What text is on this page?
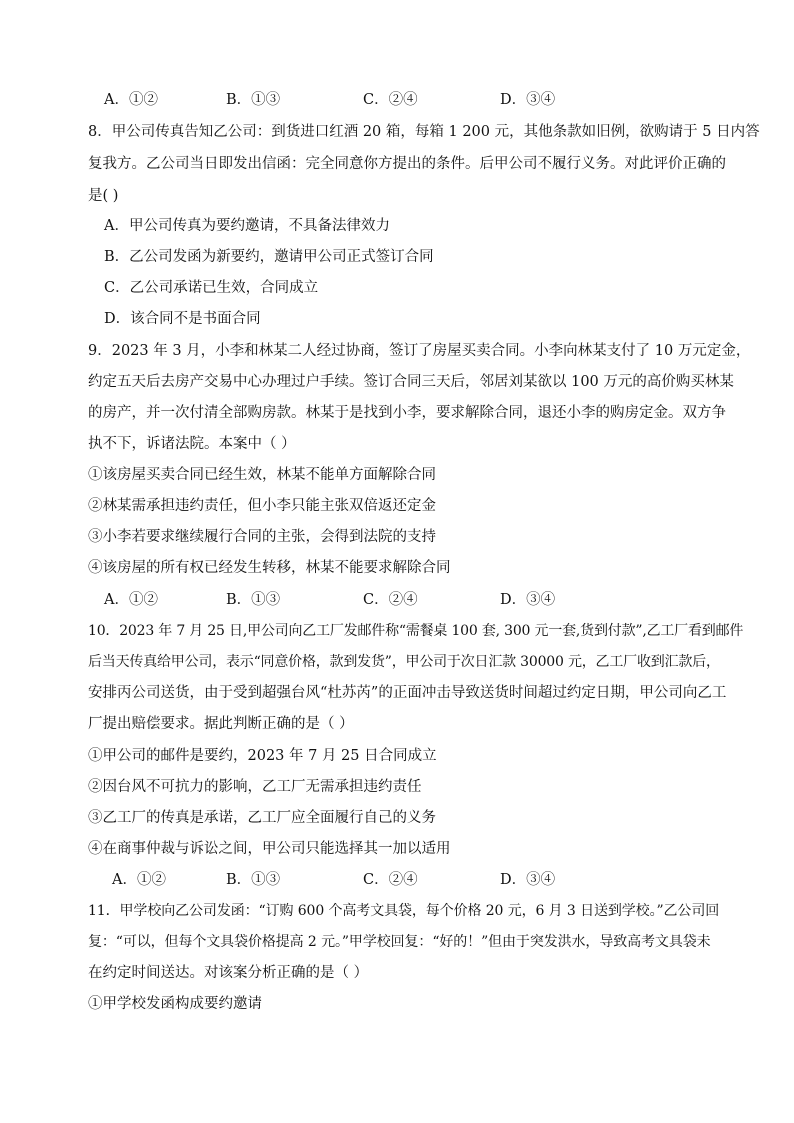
A．①②	B．①③	C．②④	D．③④
8．甲公司传真告知乙公司：到货进口红酒 20 箱，每箱 1 200 元，其他条款如旧例，欲购请于 5 日内答
复我方。乙公司当日即发出信函：完全同意你方提出的条件。后甲公司不履行义务。对此评价正确的
是( )
A．甲公司传真为要约邀请，不具备法律效力
B．乙公司发函为新要约，邀请甲公司正式签订合同
C．乙公司承诺已生效，合同成立
D．该合同不是书面合同
9．2023 年 3 月，小李和林某二人经过协商，签订了房屋买卖合同。小李向林某支付了 10 万元定金，
约定五天后去房产交易中心办理过户手续。签订合同三天后，邻居刘某欲以 100 万元的高价购买林某
的房产，并一次付清全部购房款。林某于是找到小李，要求解除合同，退还小李的购房定金。双方争
执不下，诉诸法院。本案中（ ）
①该房屋买卖合同已经生效，林某不能单方面解除合同
②林某需承担违约责任，但小李只能主张双倍返还定金
③小李若要求继续履行合同的主张，会得到法院的支持
④该房屋的所有权已经发生转移，林某不能要求解除合同
A．①②	B．①③	C．②④	D．③④
10．2023 年 7 月 25 日,甲公司向乙工厂发邮件称“需餐桌 100 套, 300 元一套,货到付款”,乙工厂看到邮件
后当天传真给甲公司，表示“同意价格，款到发货”，甲公司于次日汇款 30000 元，乙工厂收到汇款后，
安排丙公司送货，由于受到超强台风“杜苏芮”的正面冲击导致送货时间超过约定日期，甲公司向乙工
厂提出赔偿要求。据此判断正确的是（ ）
①甲公司的邮件是要约，2023 年 7 月 25 日合同成立
②因台风不可抗力的影响，乙工厂无需承担违约责任
③乙工厂的传真是承诺，乙工厂应全面履行自己的义务
④在商事仲裁与诉讼之间，甲公司只能选择其一加以适用
A．①②	B．①③	C．②④	D．③④
11．甲学校向乙公司发函：“订购 600 个高考文具袋，每个价格 20 元，6 月 3 日送到学校。”乙公司回
复：“可以，但每个文具袋价格提高 2 元。”甲学校回复：“好的！”但由于突发洪水，导致高考文具袋未
在约定时间送达。对该案分析正确的是（ ）
①甲学校发函构成要约邀请
